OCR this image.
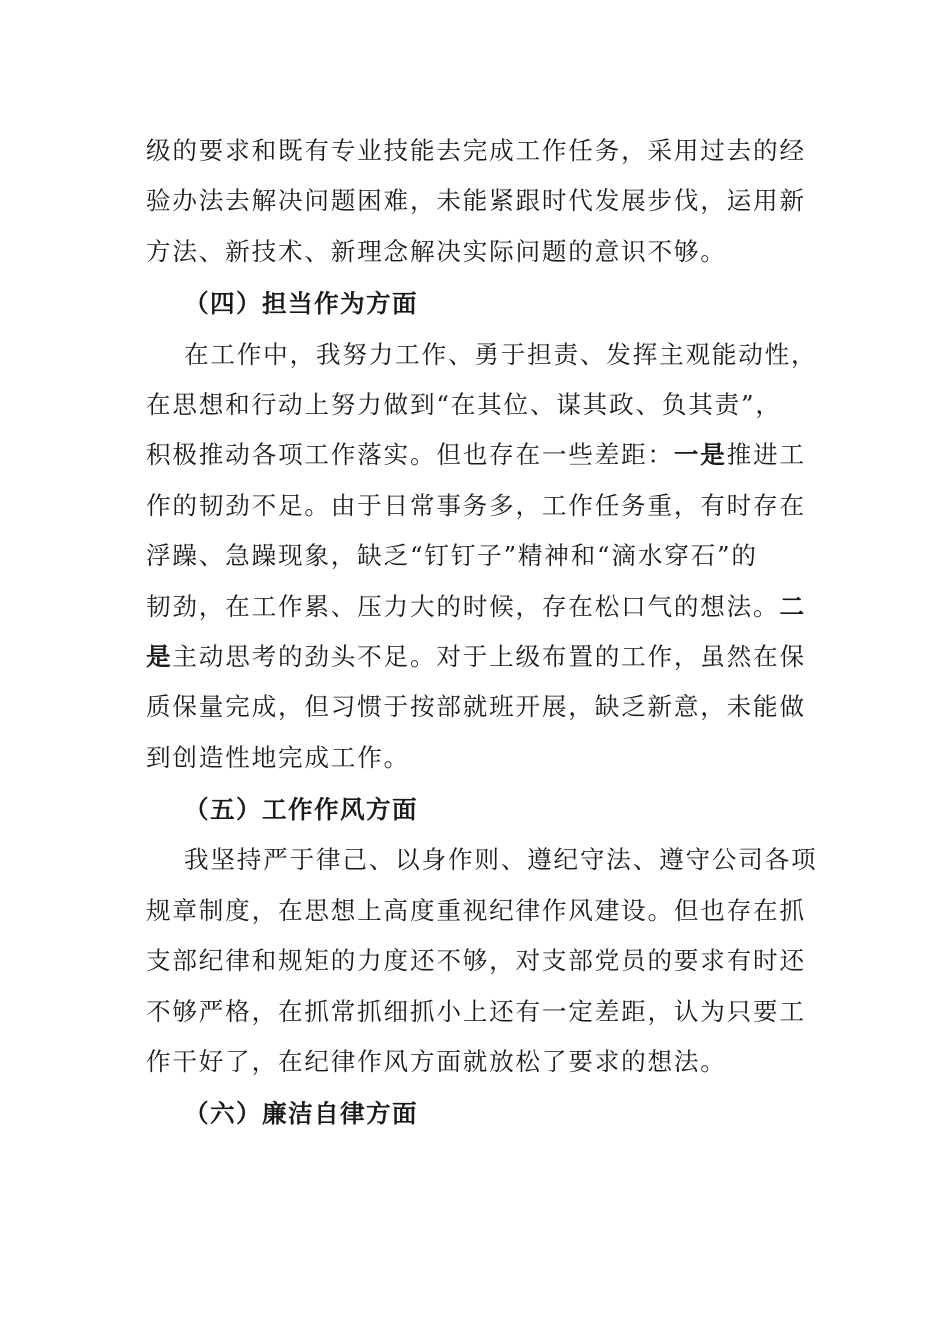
级的要求和既有专业技能去完成工作任务，采用过去的经
验办法去解决问题困难，未能紧跟时代发展步伐，运用新
方法、新技术、新理念解决实际问题的意识不够。
（四）担当作为方面
在工作中，我努力工作、勇于担责、发挥主观能动性，
在思想和行动上努力做到“在其位、谋其政、负其责”，
积极推动各项工作落实。但也存在一些差距：一是推进工
作的韧劲不足。由于日常事务多，工作任务重，有时存在
浮躁、急躁现象，缺乏“钉钉子”精神和“滴水穿石”的
韧劲，在工作累、压力大的时候，存在松口气的想法。二
是主动思考的劲头不足。对于上级布置的工作，虽然在保
质保量完成，但习惯于按部就班开展，缺乏新意，未能做
到创造性地完成工作。
（五）工作作风方面
我坚持严于律己、以身作则、遵纪守法、遵守公司各项
规章制度，在思想上高度重视纪律作风建设。但也存在抓
支部纪律和规矩的力度还不够，对支部党员的要求有时还
不够严格，在抓常抓细抓小上还有一定差距，认为只要工
作干好了，在纪律作风方面就放松了要求的想法。
（六）廉洁自律方面
